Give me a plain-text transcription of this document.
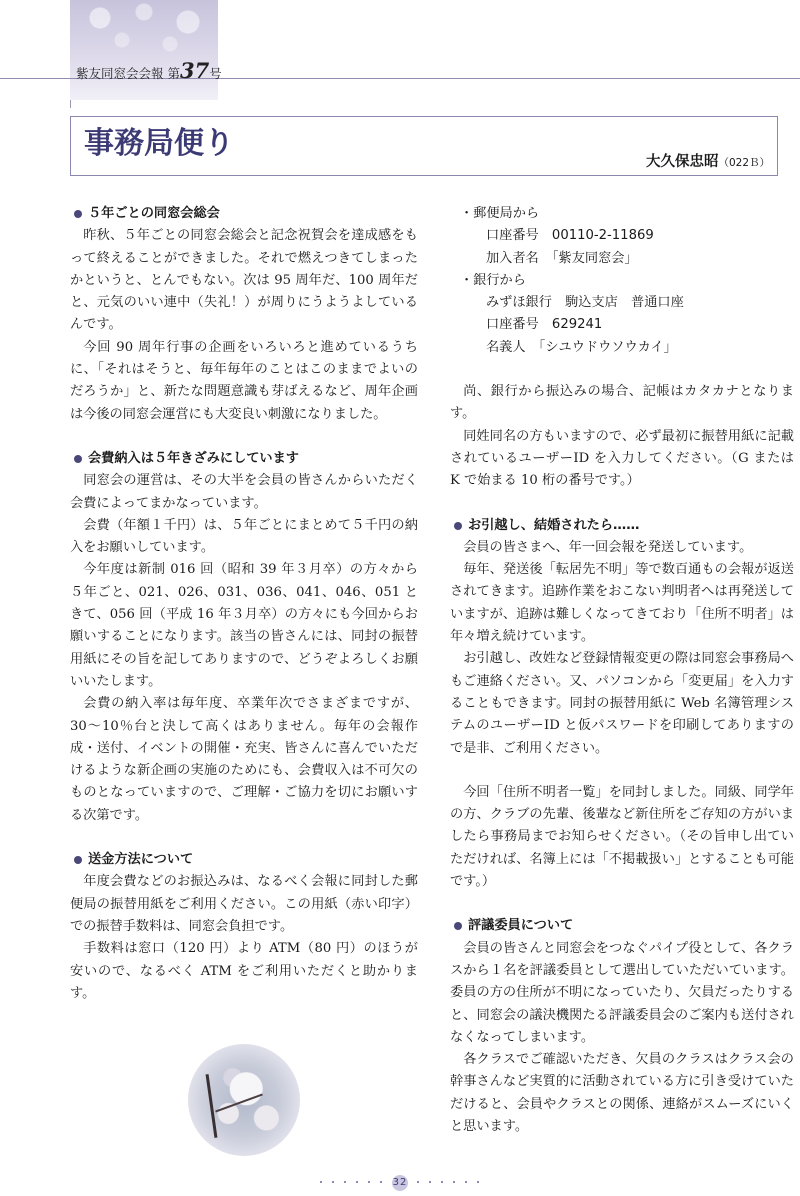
紫友同窓会会報 第37号
事務局便り
大久保忠昭（022Ｂ）
５年ごとの同窓会総会

昨秋、５年ごとの同窓会総会と記念祝賀会を達成感をもって終えることができました。それで燃えつきてしまったかというと、とんでもない。次は 95 周年だ、100 周年だと、元気のいい連中（失礼！）が周りにうようよしているんです。

今回 90 周年行事の企画をいろいろと進めているうちに、「それはそうと、毎年毎年のことはこのままでよいのだろうか」と、新たな問題意識も芽ばえるなど、周年企画は今後の同窓会運営にも大変良い刺激になりました。

会費納入は５年きざみにしています

同窓会の運営は、その大半を会員の皆さんからいただく会費によってまかなっています。

会費（年額１千円）は、５年ごとにまとめて５千円の納入をお願いしています。

今年度は新制 016 回（昭和 39 年３月卒）の方々から５年ごと、021、026、031、036、041、046、051 ときて、056 回（平成 16 年３月卒）の方々にも今回からお願いすることになります。該当の皆さんには、同封の振替用紙にその旨を記してありますので、どうぞよろしくお願いいたします。

会費の納入率は毎年度、卒業年次でさまざまですが、30〜10％台と決して高くはありません。毎年の会報作成・送付、イベントの開催・充実、皆さんに喜んでいただけるような新企画の実施のためにも、会費収入は不可欠のものとなっていますので、ご理解・ご協力を切にお願いする次第です。

送金方法について

年度会費などのお振込みは、なるべく会報に同封した郵便局の振替用紙をご利用ください。この用紙（赤い印字）での振替手数料は、同窓会負担です。

手数料は窓口（120 円）より ATM（80 円）のほうが安いので、なるべく ATM をご利用いただくと助かります。

・郵便局から
口座番号　00110-2-11869
加入者名　「紫友同窓会」
・銀行から
みずほ銀行　駒込支店　普通口座
口座番号　629241
名義人　「シユウドウソウカイ」

尚、銀行から振込みの場合、記帳はカタカナとなります。

同姓同名の方もいますので、必ず最初に振替用紙に記載されているユーザーID を入力してください。（G または K で始まる 10 桁の番号です。）

お引越し、結婚されたら……

会員の皆さまへ、年一回会報を発送しています。

毎年、発送後「転居先不明」等で数百通もの会報が返送されてきます。追跡作業をおこない判明者へは再発送していますが、追跡は難しくなってきており「住所不明者」は年々増え続けています。

お引越し、改姓など登録情報変更の際は同窓会事務局へもご連絡ください。又、パソコンから「変更届」を入力することもできます。同封の振替用紙に Web 名簿管理システムのユーザーID と仮パスワードを印刷してありますので是非、ご利用ください。

今回「住所不明者一覧」を同封しました。同級、同学年の方、クラブの先輩、後輩など新住所をご存知の方がいましたら事務局までお知らせください。（その旨申し出ていただければ、名簿上には「不掲載扱い」とすることも可能です。）

評議委員について

会員の皆さんと同窓会をつなぐパイプ役として、各クラスから１名を評議委員として選出していただいています。委員の方の住所が不明になっていたり、欠員だったりすると、同窓会の議決機関たる評議委員会のご案内も送付されなくなってしまいます。

各クラスでご確認いただき、欠員のクラスはクラス会の幹事さんなど実質的に活動されている方に引き受けていただけると、会員やクラスとの関係、連絡がスムーズにいくと思います。

・・・・・・ 32 ・・・・・・
